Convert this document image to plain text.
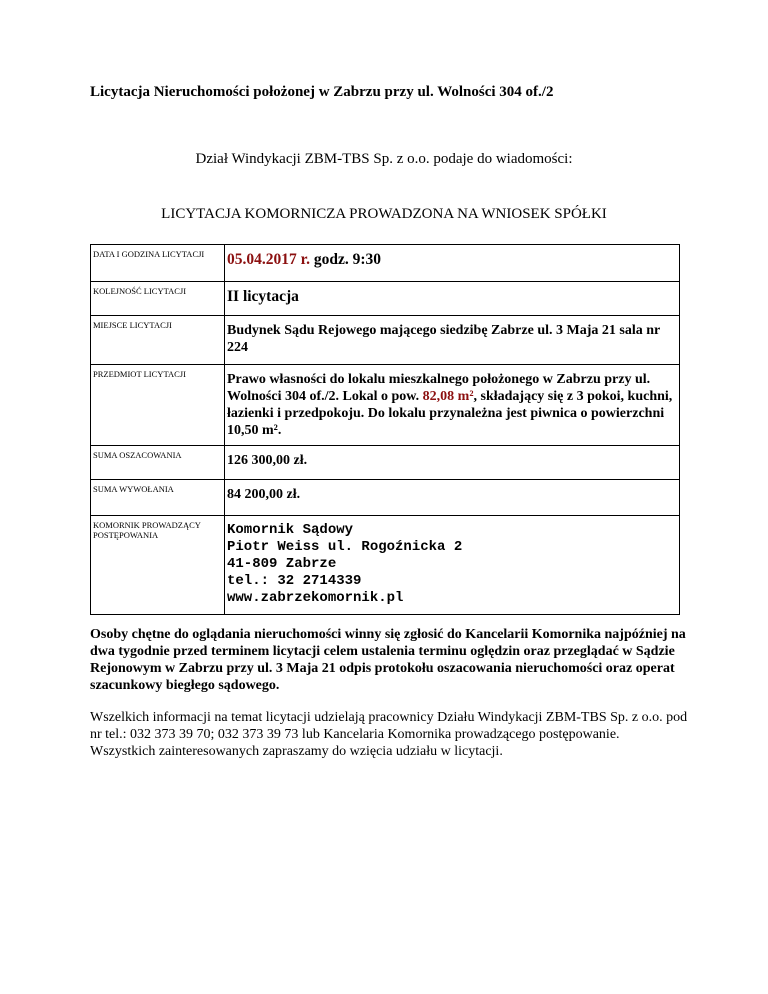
Licytacja Nieruchomości położonej w Zabrzu przy ul. Wolności 304 of./2
Dział Windykacji ZBM-TBS Sp. z o.o. podaje do wiadomości:
LICYTACJA KOMORNICZA PROWADZONA NA WNIOSEK SPÓŁKI
DATA I GODZINA LICYTACJI	05.04.2017 r. godz. 9:30
KOLEJNOŚĆ LICYTACJI	II licytacja
MIEJSCE LICYTACJI	Budynek Sądu Rejowego mającego siedzibę Zabrze ul. 3 Maja 21 sala nr 224
PRZEDMIOT LICYTACJI	Prawo własności do lokalu mieszkalnego położonego w Zabrzu przy ul. Wolności 304 of./2. Lokal o pow. 82,08 m², składający się z 3 pokoi, kuchni, łazienki i przedpokoju. Do lokalu przynależna jest piwnica o powierzchni 10,50 m².
SUMA OSZACOWANIA	126 300,00 zł.
SUMA WYWOŁANIA	84 200,00 zł.
KOMORNIK PROWADZĄCY POSTĘPOWANIA	Komornik Sądowy
Piotr Weiss ul. Rogoźnicka 2
41-809 Zabrze
tel.: 32 2714339
www.zabrzekomornik.pl
Osoby chętne do oglądania nieruchomości winny się zgłosić do Kancelarii Komornika najpóźniej na dwa tygodnie przed terminem licytacji celem ustalenia terminu oględzin oraz przeglądać w Sądzie Rejonowym w Zabrzu przy ul. 3 Maja 21 odpis protokołu oszacowania nieruchomości oraz operat szacunkowy biegłego sądowego.
Wszelkich informacji na temat licytacji udzielają pracownicy Działu Windykacji ZBM-TBS Sp. z o.o. pod nr tel.: 032 373 39 70; 032 373 39 73 lub Kancelaria Komornika prowadzącego postępowanie.
Wszystkich zainteresowanych zapraszamy do wzięcia udziału w licytacji.
